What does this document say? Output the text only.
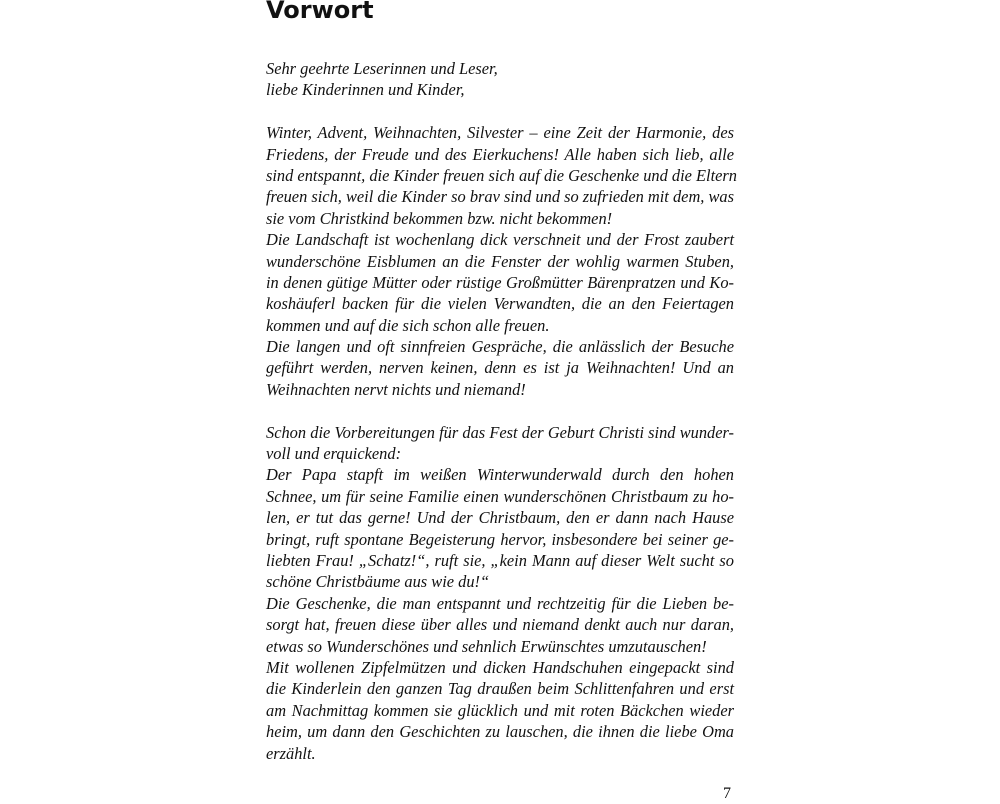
Vorwort
Sehr geehrte Leserinnen und Leser,
liebe Kinderinnen und Kinder,
Winter, Advent, Weihnachten, Silvester – eine Zeit der Harmonie, des
Friedens, der Freude und des Eierkuchens! Alle haben sich lieb, alle
sind entspannt, die Kinder freuen sich auf die Geschenke und die Eltern
freuen sich, weil die Kinder so brav sind und so zufrieden mit dem, was
sie vom Christkind bekommen bzw. nicht bekommen!
Die Landschaft ist wochenlang dick verschneit und der Frost zaubert
wunderschöne Eisblumen an die Fenster der wohlig warmen Stuben,
in denen gütige Mütter oder rüstige Großmütter Bärenpratzen und Ko-
koshäuferl backen für die vielen Verwandten, die an den Feiertagen
kommen und auf die sich schon alle freuen.
Die langen und oft sinnfreien Gespräche, die anlässlich der Besuche
geführt werden, nerven keinen, denn es ist ja Weihnachten! Und an
Weihnachten nervt nichts und niemand!
Schon die Vorbereitungen für das Fest der Geburt Christi sind wunder-
voll und erquickend:
Der Papa stapft im weißen Winterwunderwald durch den hohen
Schnee, um für seine Familie einen wunderschönen Christbaum zu ho-
len, er tut das gerne! Und der Christbaum, den er dann nach Hause
bringt, ruft spontane Begeisterung hervor, insbesondere bei seiner ge-
liebten Frau! „Schatz!“, ruft sie, „kein Mann auf dieser Welt sucht so
schöne Christbäume aus wie du!“
Die Geschenke, die man entspannt und rechtzeitig für die Lieben be-
sorgt hat, freuen diese über alles und niemand denkt auch nur daran,
etwas so Wunderschönes und sehnlich Erwünschtes umzutauschen!
Mit wollenen Zipfelmützen und dicken Handschuhen eingepackt sind
die Kinderlein den ganzen Tag draußen beim Schlittenfahren und erst
am Nachmittag kommen sie glücklich und mit roten Bäckchen wieder
heim, um dann den Geschichten zu lauschen, die ihnen die liebe Oma
erzählt.
7
